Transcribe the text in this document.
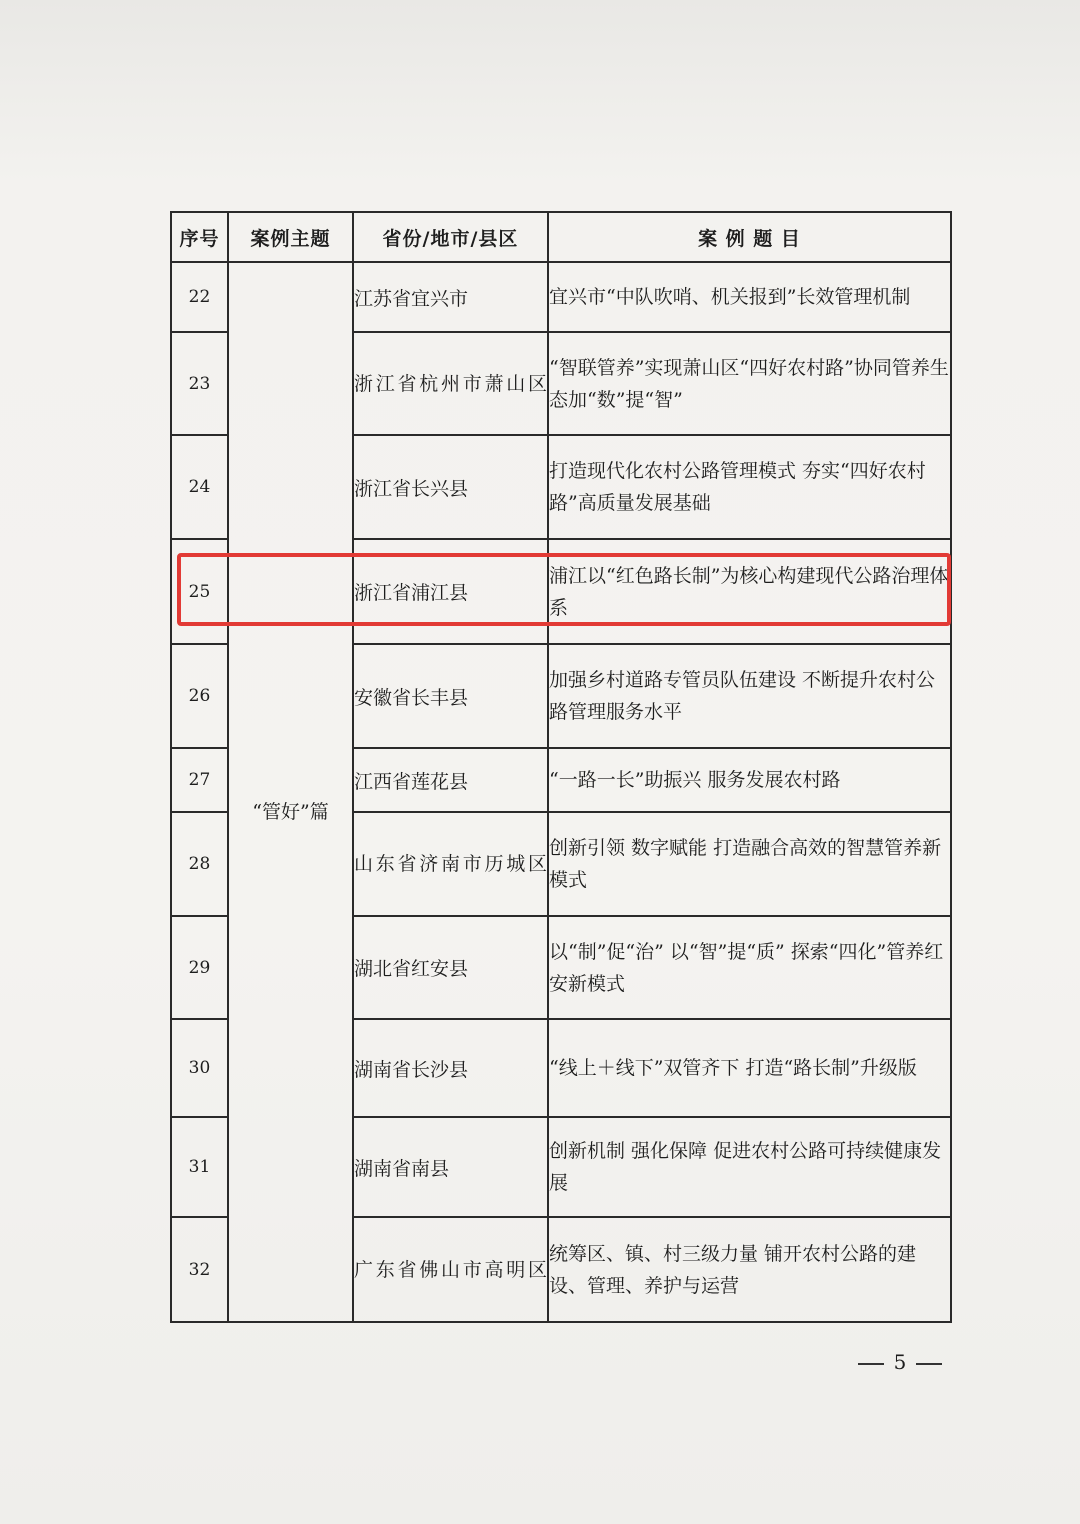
序号	案例主题	省份/地市/县区	案 例 题 目
22	“管好”篇	江苏省宜兴市	宜兴市“中队吹哨、机关报到”长效管理机制
23		浙江省杭州市萧山区	“智联管养”实现萧山区“四好农村路”协同管养生态加“数”提“智”
24		浙江省长兴县	打造现代化农村公路管理模式 夯实“四好农村路”高质量发展基础
25		浙江省浦江县	浦江以“红色路长制”为核心构建现代公路治理体系
26		安徽省长丰县	加强乡村道路专管员队伍建设 不断提升农村公路管理服务水平
27		江西省莲花县	“一路一长”助振兴 服务发展农村路
28		山东省济南市历城区	创新引领 数字赋能 打造融合高效的智慧管养新模式
29		湖北省红安县	以“制”促“治” 以“智”提“质” 探索“四化”管养红安新模式
30		湖南省长沙县	“线上＋线下”双管齐下 打造“路长制”升级版
31		湖南省南县	创新机制 强化保障 促进农村公路可持续健康发展
32		广东省佛山市高明区	统筹区、镇、村三级力量 铺开农村公路的建设、管理、养护与运营
5
